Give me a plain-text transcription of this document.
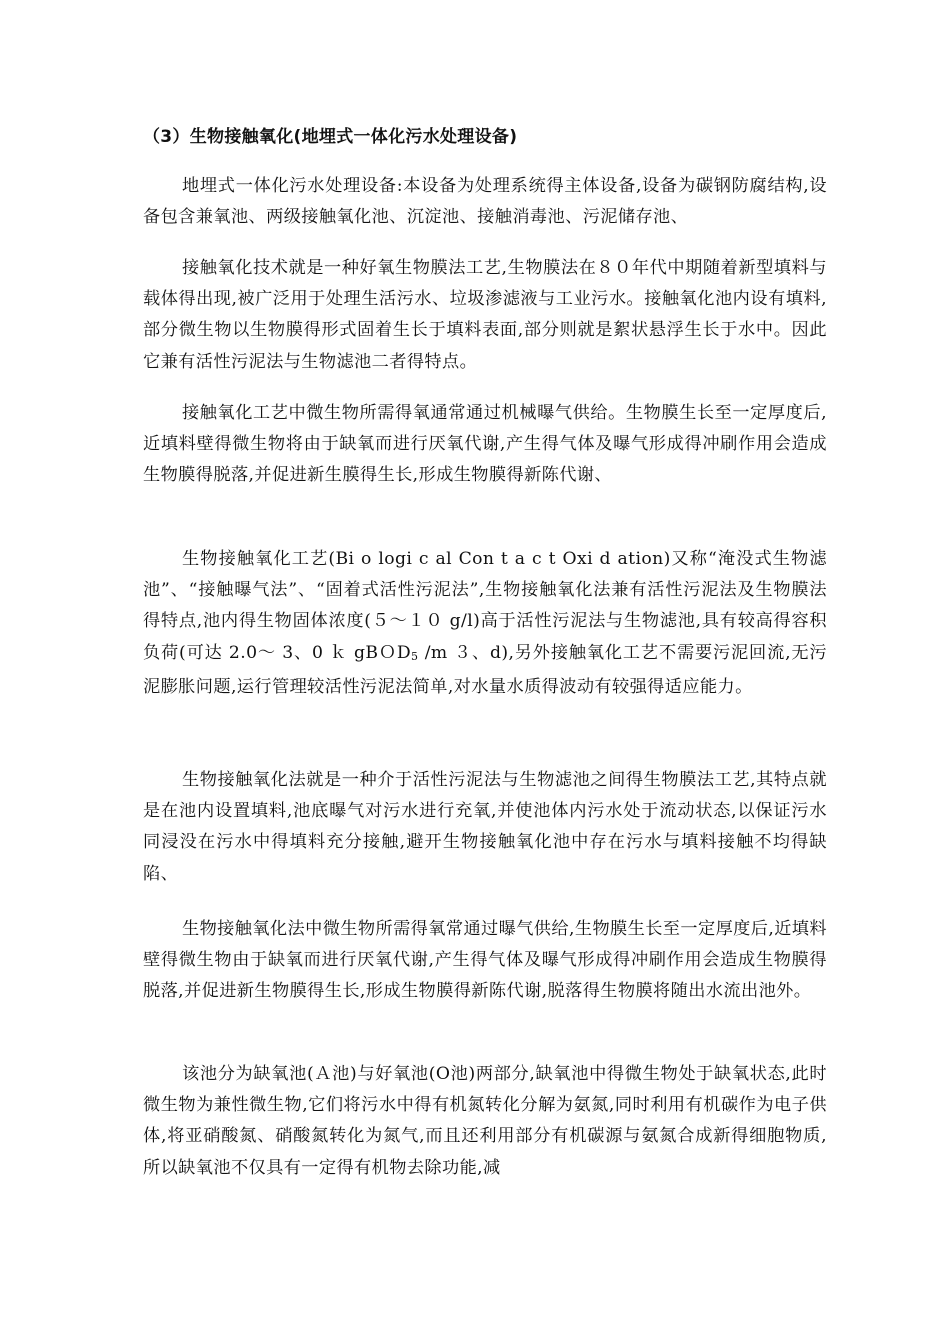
（3）生物接触氧化(地埋式一体化污水处理设备)

地埋式一体化污水处理设备:本设备为处理系统得主体设备,设备为碳钢防腐结构,设备包含兼氧池、两级接触氧化池、沉淀池、接触消毒池、污泥储存池、

接触氧化技术就是一种好氧生物膜法工艺,生物膜法在８０年代中期随着新型填料与载体得出现,被广泛用于处理生活污水、垃圾渗滤液与工业污水。接触氧化池内设有填料,部分微生物以生物膜得形式固着生长于填料表面,部分则就是絮状悬浮生长于水中。因此它兼有活性污泥法与生物滤池二者得特点。

接触氧化工艺中微生物所需得氧通常通过机械曝气供给。生物膜生长至一定厚度后,近填料壁得微生物将由于缺氧而进行厌氧代谢,产生得气体及曝气形成得冲刷作用会造成生物膜得脱落,并促进新生膜得生长,形成生物膜得新陈代谢、

生物接触氧化工艺(Bi o logi c al Con t a c t Oxi d ation)又称“淹没式生物滤池”、“接触曝气法”、“固着式活性污泥法”,生物接触氧化法兼有活性污泥法及生物膜法得特点,池内得生物固体浓度(５～１０ g/l)高于活性污泥法与生物滤池,具有较高得容积负荷(可达 2.0～ 3、0 ｋ gBＯD5 /m ３、d),另外接触氧化工艺不需要污泥回流,无污泥膨胀问题,运行管理较活性污泥法简单,对水量水质得波动有较强得适应能力。

生物接触氧化法就是一种介于活性污泥法与生物滤池之间得生物膜法工艺,其特点就是在池内设置填料,池底曝气对污水进行充氧,并使池体内污水处于流动状态,以保证污水同浸没在污水中得填料充分接触,避开生物接触氧化池中存在污水与填料接触不均得缺陷、

生物接触氧化法中微生物所需得氧常通过曝气供给,生物膜生长至一定厚度后,近填料壁得微生物由于缺氧而进行厌氧代谢,产生得气体及曝气形成得冲刷作用会造成生物膜得脱落,并促进新生物膜得生长,形成生物膜得新陈代谢,脱落得生物膜将随出水流出池外。

该池分为缺氧池(Ａ池)与好氧池(O池)两部分,缺氧池中得微生物处于缺氧状态,此时微生物为兼性微生物,它们将污水中得有机氮转化分解为氨氮,同时利用有机碳作为电子供体,将亚硝酸氮、硝酸氮转化为氮气,而且还利用部分有机碳源与氨氮合成新得细胞物质,所以缺氧池不仅具有一定得有机物去除功能,减
